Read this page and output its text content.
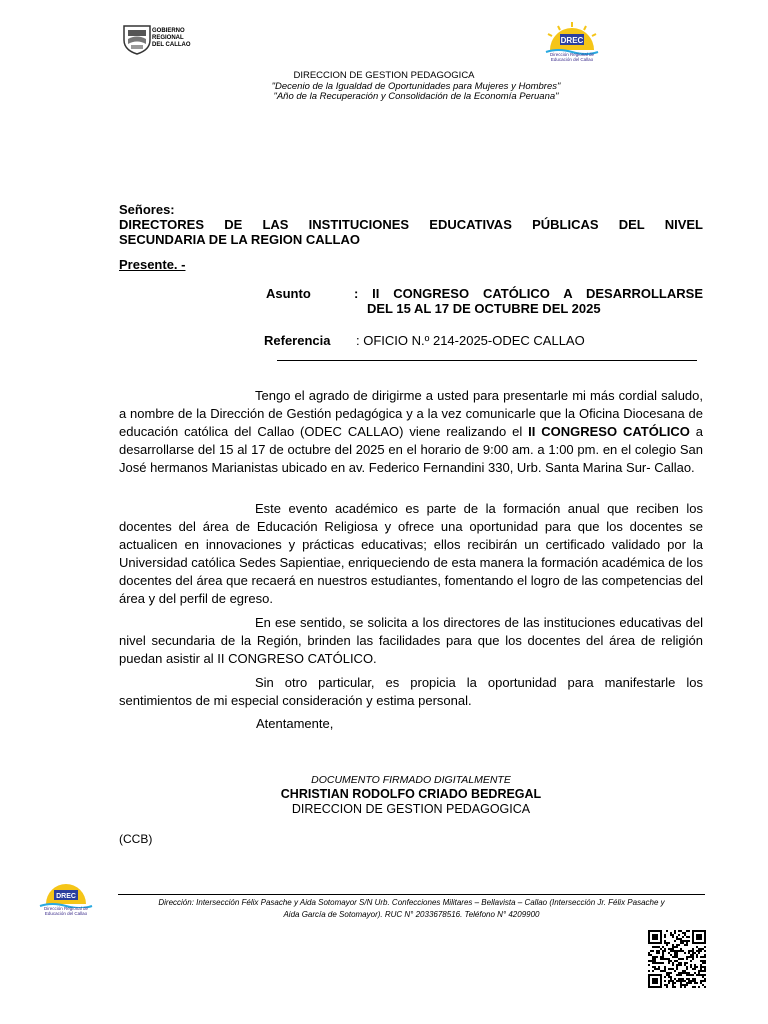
GOBIERNO
REGIONAL
DEL CALLAO	DREC
Dirección Regional de Educación del Callao
DIRECCION DE GESTION PEDAGOGICA
"Decenio de la Igualdad de Oportunidades para Mujeres y Hombres"
"Año de la Recuperación y Consolidación de la Economía Peruana"
Señores:
DIRECTORES DE LAS INSTITUCIONES EDUCATIVAS PÚBLICAS DEL NIVEL
SECUNDARIA DE LA REGION CALLAO
Presente. -
Asunto	: II CONGRESO CATÓLICO A DESARROLLARSE
DEL 15 AL 17 DE OCTUBRE DEL 2025
Referencia : OFICIO N.º 214-2025-ODEC CALLAO

Tengo el agrado de dirigirme a usted para presentarle mi más cordial saludo, a nombre de la Dirección de Gestión pedagógica y a la vez comunicarle que la Oficina Diocesana de educación católica del Callao (ODEC CALLAO) viene realizando el II CONGRESO CATÓLICO a desarrollarse del 15 al 17 de octubre del 2025 en el horario de 9:00 am. a 1:00 pm. en el colegio San José hermanos Marianistas ubicado en av. Federico Fernandini 330, Urb. Santa Marina Sur- Callao.

Este evento académico es parte de la formación anual que reciben los docentes del área de Educación Religiosa y ofrece una oportunidad para que los docentes se actualicen en innovaciones y prácticas educativas; ellos recibirán un certificado validado por la Universidad católica Sedes Sapientiae, enriqueciendo de esta manera la formación académica de los docentes del área que recaerá en nuestros estudiantes, fomentando el logro de las competencias del área y del perfil de egreso.

En ese sentido, se solicita a los directores de las instituciones educativas del nivel secundaria de la Región, brinden las facilidades para que los docentes del área de religión puedan asistir al II CONGRESO CATÓLICO.

Sin otro particular, es propicia la oportunidad para manifestarle los sentimientos de mi especial consideración y estima personal.

Atentamente,
DOCUMENTO FIRMADO DIGITALMENTE
CHRISTIAN RODOLFO CRIADO BEDREGAL
DIRECCION DE GESTION PEDAGOGICA
(CCB)
DREC
Dirección Regional de Educación del Callao
Dirección: Intersección Félix Pasache y Aida Sotomayor S/N Urb. Confecciones Militares – Bellavista – Callao (Intersección Jr. Félix Pasache y
Aida García de Sotomayor). RUC N° 2033678516. Teléfono N° 4209900
